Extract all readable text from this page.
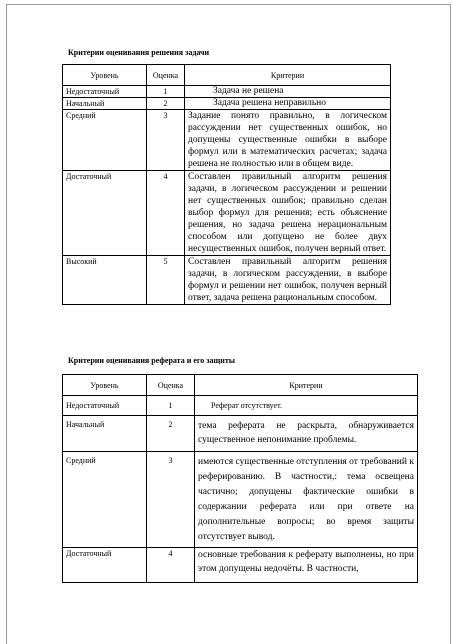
Критерии оценивания решения задачи
Уровень	Оценка	Критерии
Недостаточный	1	Задача не решена
Начальный	2	Задача решена неправильно
Средний	3	Задание понято правильно, в логическом рассуждении нет существенных ошибок, но допущены существенные ошибки в выборе формул или в математических расчетах; задача решена не полностью или в общем виде.
Достаточный	4	Составлен правильный алгоритм решения задачи, в логическом рассуждении и решении нет существенных ошибок; правильно сделан выбор формул для решения; есть объяснение решения, но задача решена нерациональным способом или допущено не более двух несущественных ошибок, получен верный ответ.
Высокий	5	Составлен правильный алгоритм решения задачи, в логическом рассуждении, в выборе формул и решении нет ошибок, получен верный ответ, задача решена рациональным способом.
Критерии оценивания реферата и его защиты
Уровень	Оценка	Критерии
Недостаточный	1	Реферат отсутствует.
Начальный	2	тема реферата не раскрыта, обнаруживается существенное непонимание проблемы.
Средний	3	имеются существенные отступления от требований к реферированию. В частности,: тема освещена частично; допущены фактические ошибки в содержании реферата или при ответе на дополнительные вопросы; во время защиты отсутствует вывод.
Достаточный	4	основные требования к реферату выполнены, но при этом допущены недочёты. В частности,
